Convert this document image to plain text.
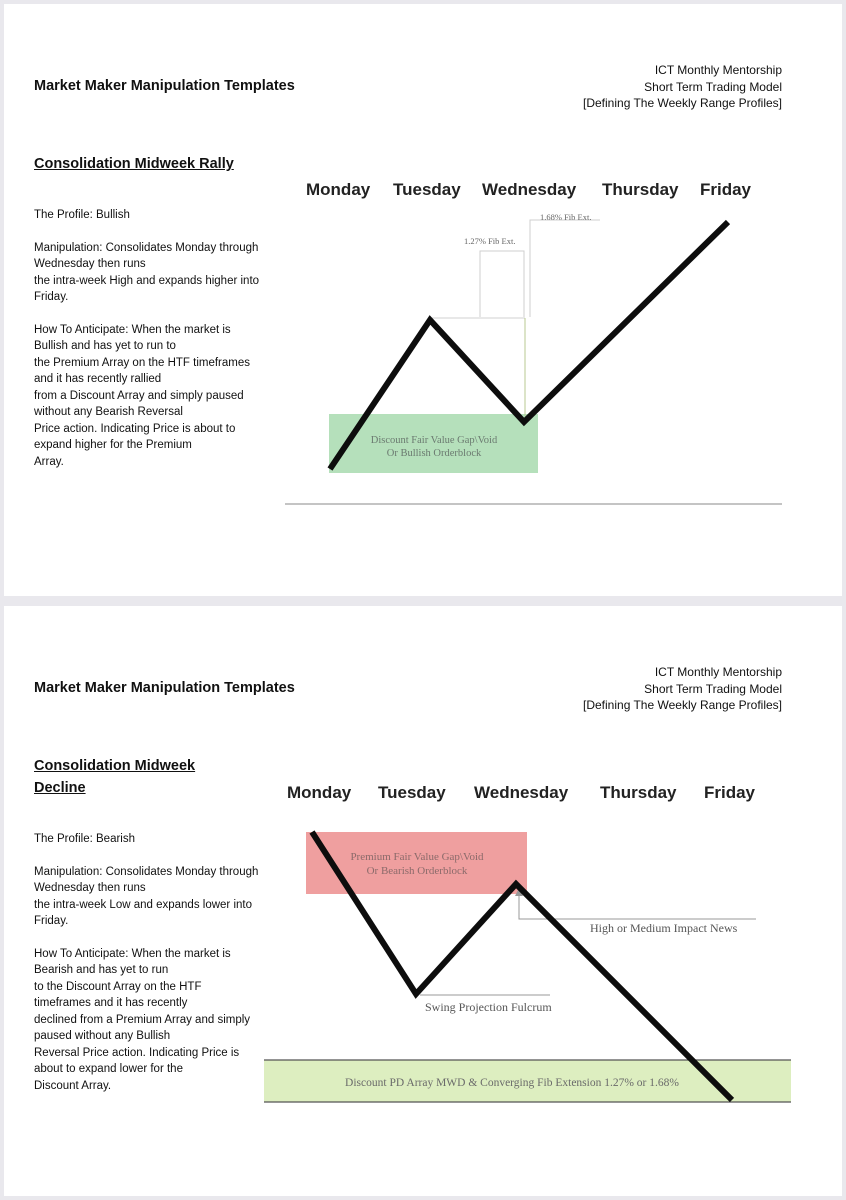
Market Maker Manipulation Templates
ICT Monthly Mentorship
Short Term Trading Model
[Defining The Weekly Range Profiles]
Consolidation Midweek Rally

The Profile: Bullish

Manipulation: Consolidates Monday through

Wednesday then runs

the intra-week High and expands higher into

Friday.

How To Anticipate: When the market is

Bullish and has yet to run to

the Premium Array on the HTF timeframes

and it has recently rallied

from a Discount Array and simply paused

without any Bearish Reversal

Price action. Indicating Price is about to

expand higher for the Premium

Array.

Monday Tuesday Wednesday Thursday Friday
Discount Fair Value Gap\Void
Or Bullish Orderblock
1.27% Fib Ext.
1.68% Fib Ext.
Market Maker Manipulation Templates
ICT Monthly Mentorship
Short Term Trading Model
[Defining The Weekly Range Profiles]
Consolidation Midweek
Decline

The Profile: Bearish

Manipulation: Consolidates Monday through

Wednesday then runs

the intra-week Low and expands lower into

Friday.

How To Anticipate: When the market is

Bearish and has yet to run

to the Discount Array on the HTF

timeframes and it has recently

declined from a Premium Array and simply

paused without any Bullish

Reversal Price action. Indicating Price is

about to expand lower for the

Discount Array.

Monday Tuesday Wednesday Thursday Friday
Premium Fair Value Gap\Void
Or Bearish Orderblock
Discount PD Array MWD & Converging Fib Extension 1.27% or 1.68%
High or Medium Impact News
Swing Projection Fulcrum
